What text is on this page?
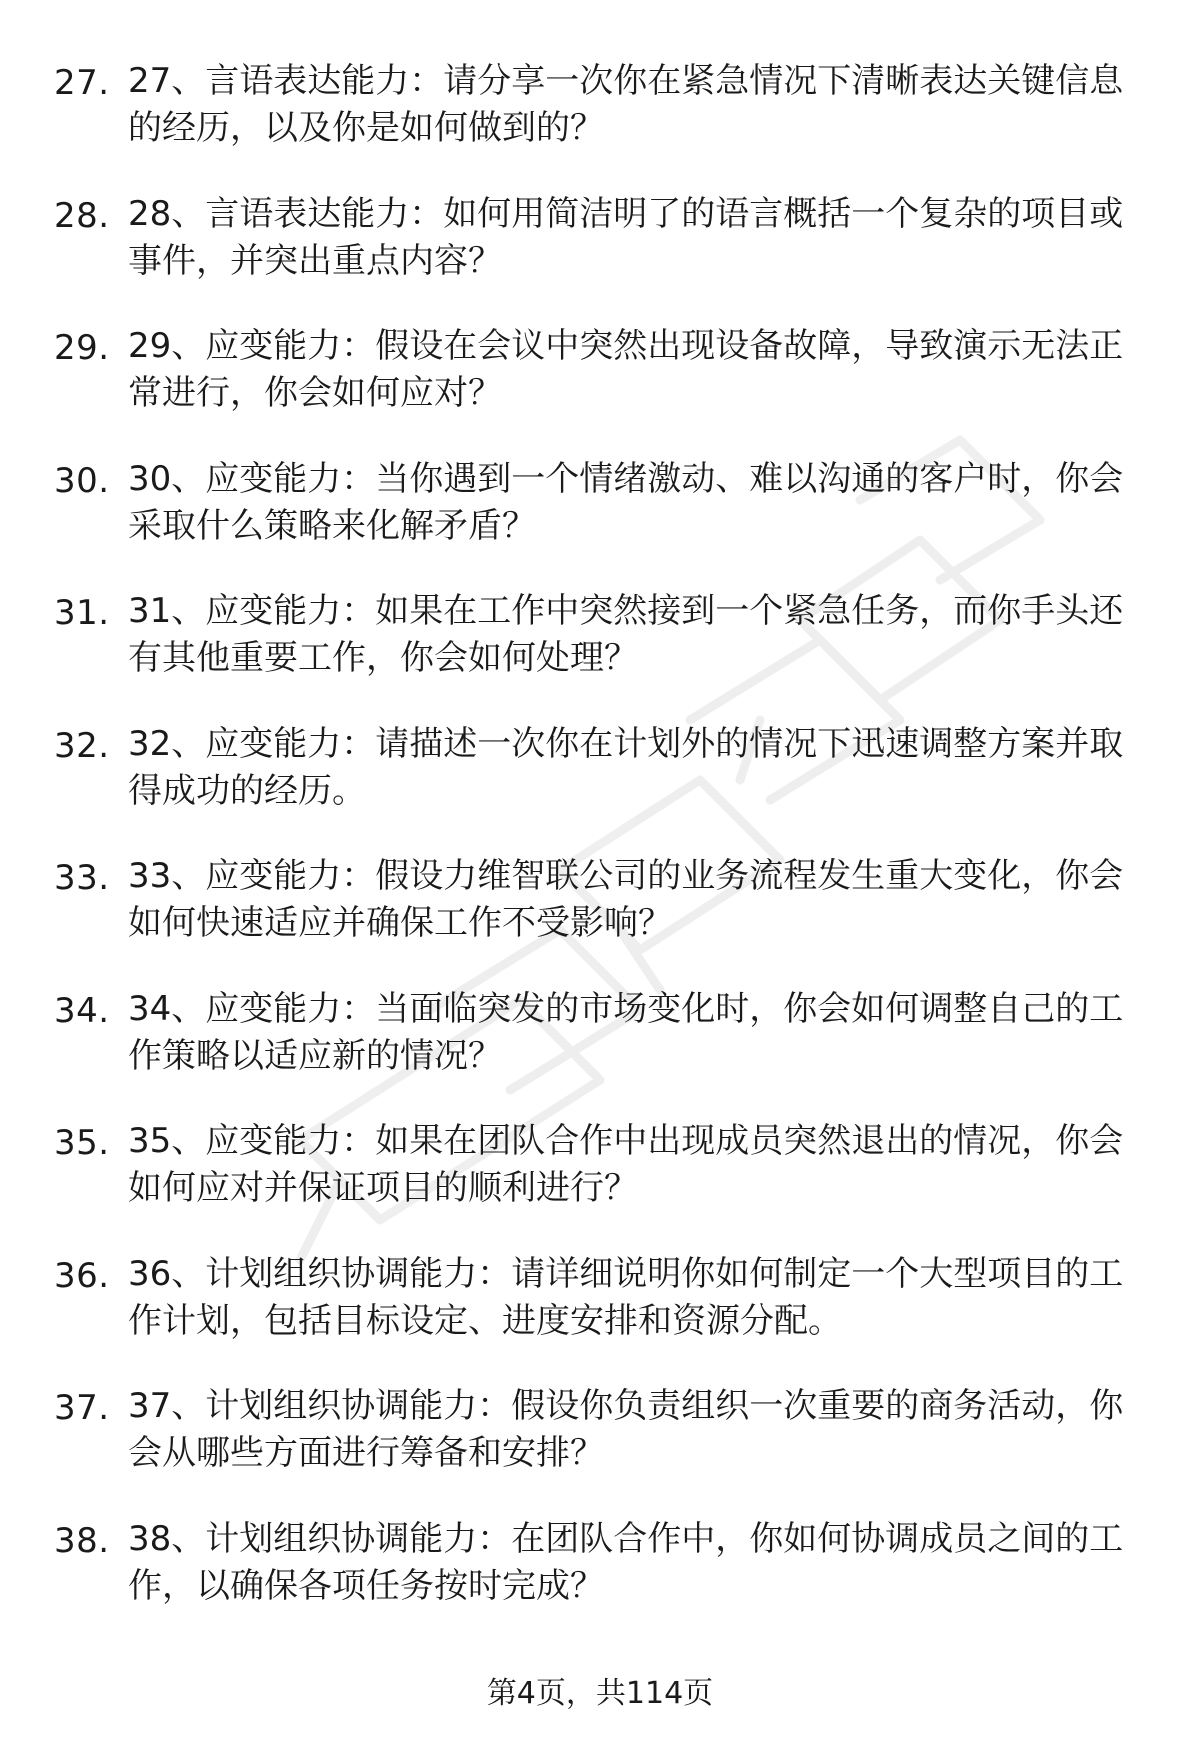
27. 27、言语表达能力：请分享一次你在紧急情况下清晰表达关键信息的经历，以及你是如何做到的？
28. 28、言语表达能力：如何用简洁明了的语言概括一个复杂的项目或事件，并突出重点内容？
29. 29、应变能力：假设在会议中突然出现设备故障，导致演示无法正常进行，你会如何应对？
30. 30、应变能力：当你遇到一个情绪激动、难以沟通的客户时，你会采取什么策略来化解矛盾？
31. 31、应变能力：如果在工作中突然接到一个紧急任务，而你手头还有其他重要工作，你会如何处理？
32. 32、应变能力：请描述一次你在计划外的情况下迅速调整方案并取得成功的经历。
33. 33、应变能力：假设力维智联公司的业务流程发生重大变化，你会如何快速适应并确保工作不受影响？
34. 34、应变能力：当面临突发的市场变化时，你会如何调整自己的工作策略以适应新的情况？
35. 35、应变能力：如果在团队合作中出现成员突然退出的情况，你会如何应对并保证项目的顺利进行？
36. 36、计划组织协调能力：请详细说明你如何制定一个大型项目的工作计划，包括目标设定、进度安排和资源分配。
37. 37、计划组织协调能力：假设你负责组织一次重要的商务活动，你会从哪些方面进行筹备和安排？
38. 38、计划组织协调能力：在团队合作中，你如何协调成员之间的工作，以确保各项任务按时完成？
第4页，共114页
